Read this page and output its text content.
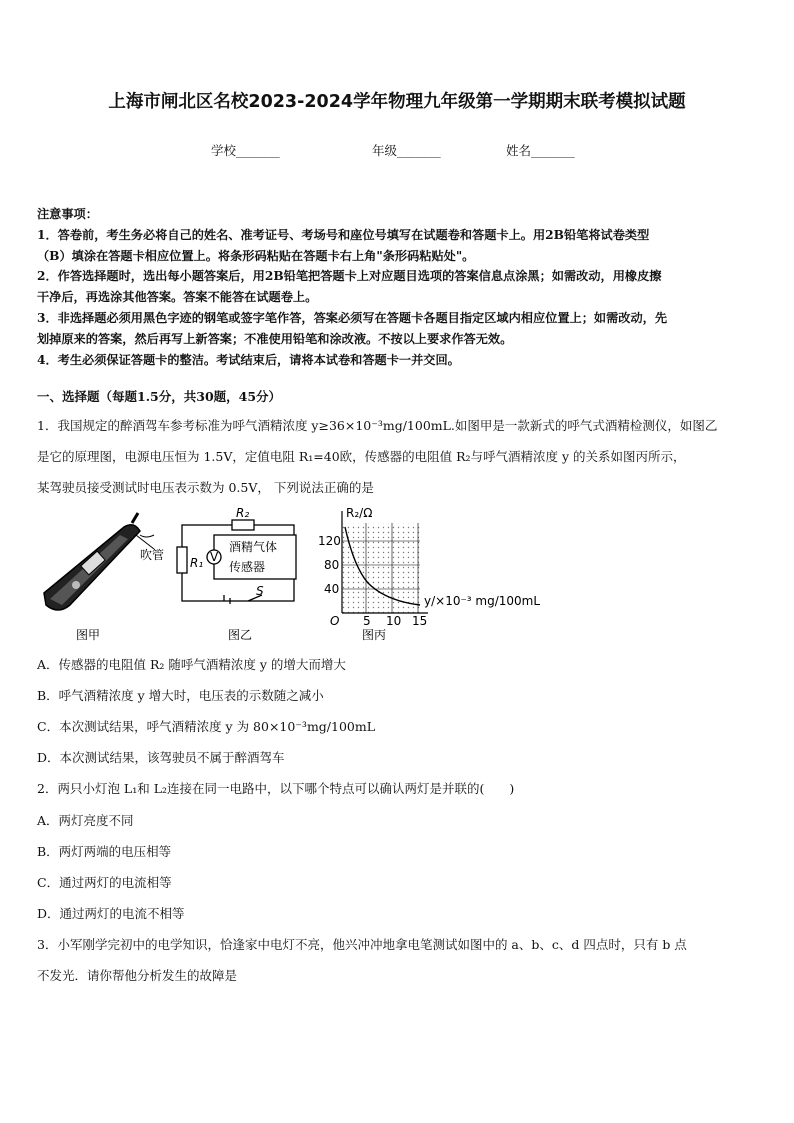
上海市闸北区名校2023-2024学年物理九年级第一学期期末联考模拟试题
学校_______	年级_______	姓名_______
注意事项：
1．答卷前，考生务必将自己的姓名、准考证号、考场号和座位号填写在试题卷和答题卡上。用2B铅笔将试卷类型
（B）填涂在答题卡相应位置上。将条形码粘贴在答题卡右上角"条形码粘贴处"。
2．作答选择题时，选出每小题答案后，用2B铅笔把答题卡上对应题目选项的答案信息点涂黑；如需改动，用橡皮擦
干净后，再选涂其他答案。答案不能答在试题卷上。
3．非选择题必须用黑色字迹的钢笔或签字笔作答，答案必须写在答题卡各题目指定区域内相应位置上；如需改动，先
划掉原来的答案，然后再写上新答案；不准使用铅笔和涂改液。不按以上要求作答无效。
4．考生必须保证答题卡的整洁。考试结束后，请将本试卷和答题卡一并交回。
一、选择题（每题1.5分，共30题，45分）
1．我国规定的醉酒驾车参考标准为呼气酒精浓度 y≥36×10⁻³mg/100mL.如图甲是一款新式的呼气式酒精检测仪，如图乙
是它的原理图，电源电压恒为 1.5V，定值电阻 R₁=40欧，传感器的电阻值 R₂与呼气酒精浓度 y 的关系如图丙所示，
某驾驶员接受测试时电压表示数为 0.5V， 下列说法正确的是
吹管
图甲
R₂
R₁ V
酒精气体
传感器
S
图乙
R₂/Ω
120
80
40
O 5 10 15
y/×10⁻³ mg/100mL
图丙
A．传感器的电阻值 R₂ 随呼气酒精浓度 y 的增大而增大
B．呼气酒精浓度 y 增大时，电压表的示数随之减小
C．本次测试结果，呼气酒精浓度 y 为 80×10⁻³mg/100mL
D．本次测试结果，该驾驶员不属于醉酒驾车
2．两只小灯泡 L₁和 L₂连接在同一电路中，以下哪个特点可以确认两灯是并联的(　　)
A．两灯亮度不同
B．两灯两端的电压相等
C．通过两灯的电流相等
D．通过两灯的电流不相等
3．小军刚学完初中的电学知识，恰逢家中电灯不亮，他兴冲冲地拿电笔测试如图中的 a、b、c、d 四点时，只有 b 点
不发光．请你帮他分析发生的故障是
